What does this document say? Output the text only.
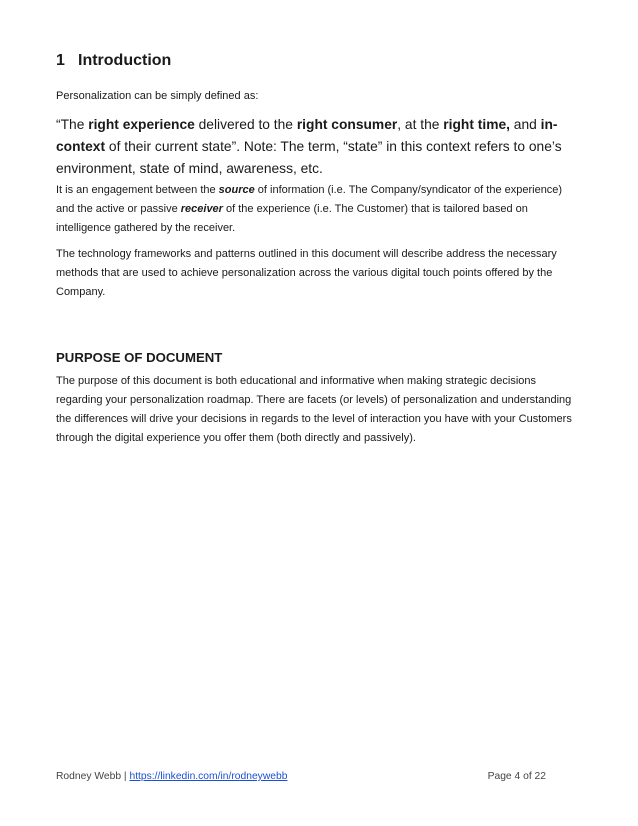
1 Introduction

Personalization can be simply defined as:

“The right experience delivered to the right consumer, at the right time, and in-context of their current state”. Note: The term, “state” in this context refers to one’s environment, state of mind, awareness, etc.

It is an engagement between the source of information (i.e. The Company/syndicator of the experience) and the active or passive receiver of the experience (i.e. The Customer) that is tailored based on intelligence gathered by the receiver.

The technology frameworks and patterns outlined in this document will describe address the necessary methods that are used to achieve personalization across the various digital touch points offered by the Company.

PURPOSE OF DOCUMENT

The purpose of this document is both educational and informative when making strategic decisions regarding your personalization roadmap. There are facets (or levels) of personalization and understanding the differences will drive your decisions in regards to the level of interaction you have with your Customers through the digital experience you offer them (both directly and passively).

Rodney Webb | https://linkedin.com/in/rodneywebb	Page 4 of 22
